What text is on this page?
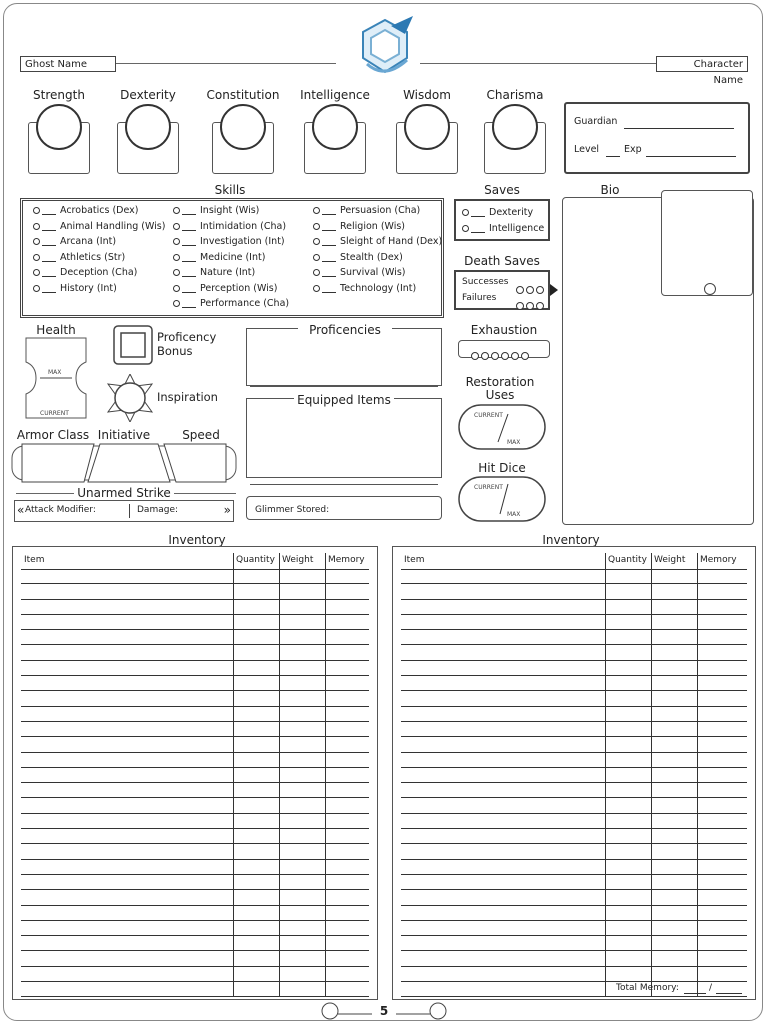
Ghost Name	Character Name
Strength	Dexterity	Constitution	Intelligence	Wisdom	Charisma
Guardian
Level	Exp
Skills
Acrobatics (Dex)
Animal Handling (Wis)
Arcana (Int)
Athletics (Str)
Deception (Cha)
History (Int)
Insight (Wis)
Intimidation (Cha)
Investigation (Int)
Medicine (Int)
Nature (Int)
Perception (Wis)
Performance (Cha)
Persuasion (Cha)
Religion (Wis)
Sleight of Hand (Dex)
Stealth (Dex)
Survival (Wis)
Technology (Int)
Saves
Dexterity
Intelligence
Death Saves
Successes
Failures
Bio
Health
MAX
CURRENT
Proficency
Bonus
Inspiration
Armor Class Initiative	Speed
Unarmed Strike
« Attack Modifier:	Damage:	»
Proficencies
Equipped Items
Glimmer Stored:
Exhaustion
Restoration
Uses
CURRENT
MAX
Hit Dice
CURRENT
MAX
Inventory	Inventory
Item	Quantity Weight Memory	Item	Quantity Weight Memory
Total Memory:	/
5
